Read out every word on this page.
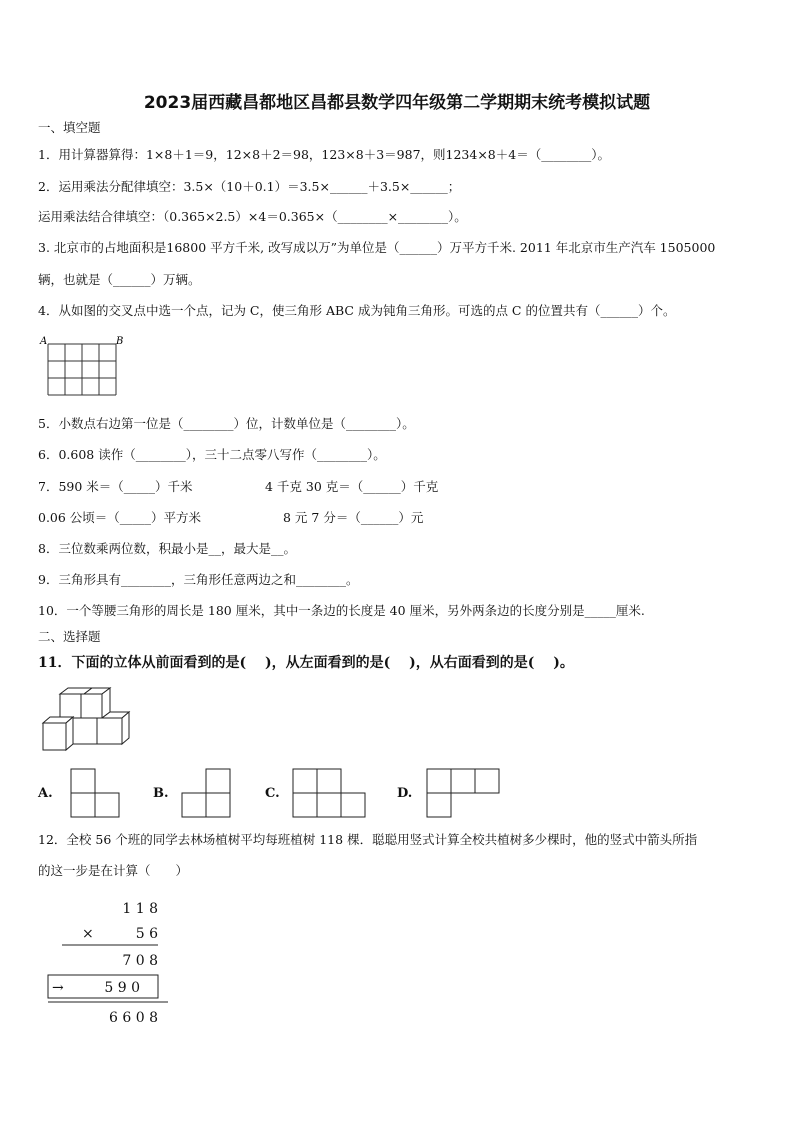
2023届西藏昌都地区昌都县数学四年级第二学期期末统考模拟试题
一、填空题
1．用计算器算得：1×8＋1＝9，12×8＋2＝98，123×8＋3＝987，则1234×8＋4＝（________）。
2．运用乘法分配律填空：3.5×（10＋0.1）＝3.5×______＋3.5×______；
运用乘法结合律填空：（0.365×2.5）×4＝0.365×（________×________）。
3. 北京市的占地面积是16800 平方千米, 改写成以万”为单位是（______）万平方千米. 2011 年北京市生产汽车 1505000
辆，也就是（______）万辆。
4．从如图的交叉点中选一个点，记为 C，使三角形 ABC 成为钝角三角形。可选的点 C 的位置共有（______）个。
A	B
5．小数点右边第一位是（________）位，计数单位是（________）。
6．0.608 读作（________），三十二点零八写作（________）。
7．590 米＝（_____）千米	4 千克 30 克＝（______）千克
0.06 公顷＝（_____）平方米	8 元 7 分＝（______）元
8．三位数乘两位数，积最小是__，最大是__。
9．三角形具有________，三角形任意两边之和________。
10．一个等腰三角形的周长是 180 厘米，其中一条边的长度是 40 厘米，另外两条边的长度分别是_____厘米.
二、选择题
11．下面的立体从前面看到的是(　 )，从左面看到的是(　 )，从右面看到的是(　 )。
A.	B.	C.	D.
12．全校 56 个班的同学去林场植树平均每班植树 118 棵．聪聪用竖式计算全校共植树多少棵时，他的竖式中箭头所指
的这一步是在计算（　　）
1 1 8
×	5 6
7 0 8
→	5 9 0
6 6 0 8
